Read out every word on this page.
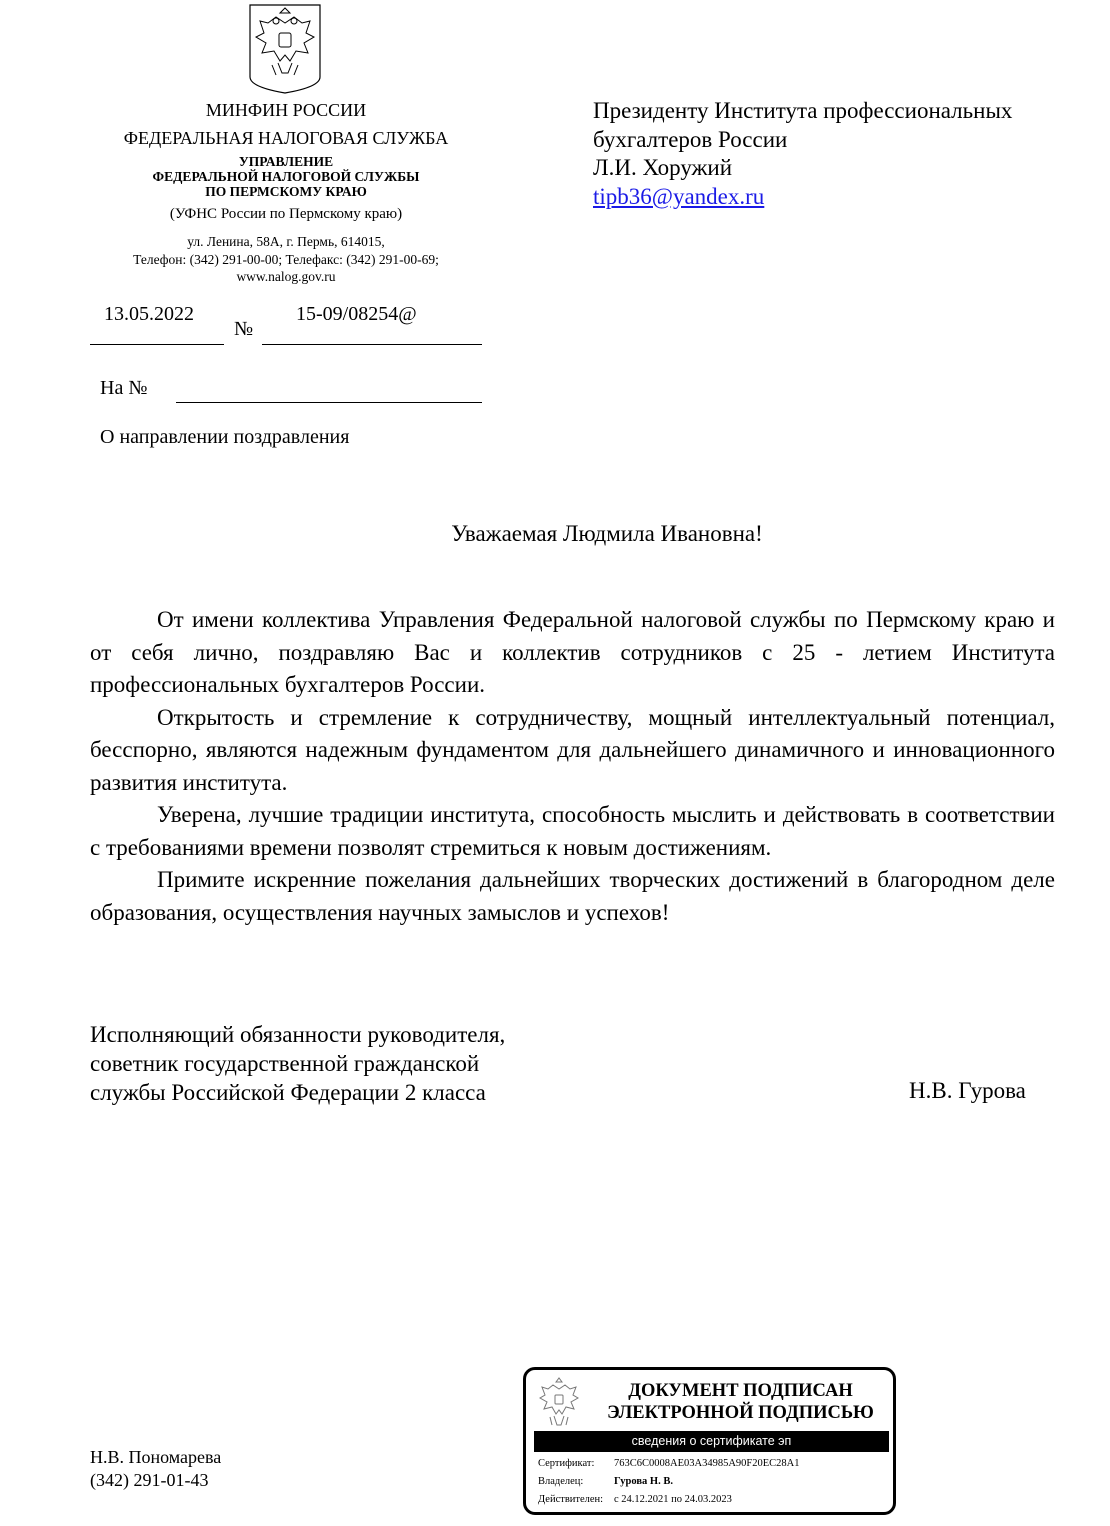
МИНФИН РОССИИ
ФЕДЕРАЛЬНАЯ НАЛОГОВАЯ СЛУЖБА
УПРАВЛЕНИЕ
ФЕДЕРАЛЬНОЙ НАЛОГОВОЙ СЛУЖБЫ
ПО ПЕРМСКОМУ КРАЮ
(УФНС России по Пермскому краю)
ул. Ленина, 58А, г. Пермь, 614015,
Телефон: (342) 291-00-00; Телефакс: (342) 291-00-69;
www.nalog.gov.ru
13.05.2022
№
15-09/08254@
На №
О направлении поздравления
Президенту Института профессиональных
бухгалтеров России
Л.И. Хоружий
tipb36@yandex.ru
Уважаемая Людмила Ивановна!

От имени коллектива Управления Федеральной налоговой службы по Пермскому краю и от себя лично, поздравляю Вас и коллектив сотрудников с 25 - летием Института профессиональных бухгалтеров России.

Открытость и стремление к сотрудничеству, мощный интеллектуальный потенциал, бесспорно, являются надежным фундаментом для дальнейшего динамичного и инновационного развития института.

Уверена, лучшие традиции института, способность мыслить и действовать в соответствии с требованиями времени позволят стремиться к новым достижениям.

Примите искренние пожелания дальнейших творческих достижений в благородном деле образования, осуществления научных замыслов и успехов!

Исполняющий обязанности руководителя,
советник государственной гражданской
службы Российской Федерации 2 класса	Н.В. Гурова
Н.В. Пономарева
(342) 291-01-43
ДОКУМЕНТ ПОДПИСАН
ЭЛЕКТРОННОЙ ПОДПИСЬЮ
сведения о сертификате эп
Сертификат: 763C6C0008AE03A34985A90F20EC28A1
Владелец:	Гурова Н. В.
Действителен: с 24.12.2021 по 24.03.2023
